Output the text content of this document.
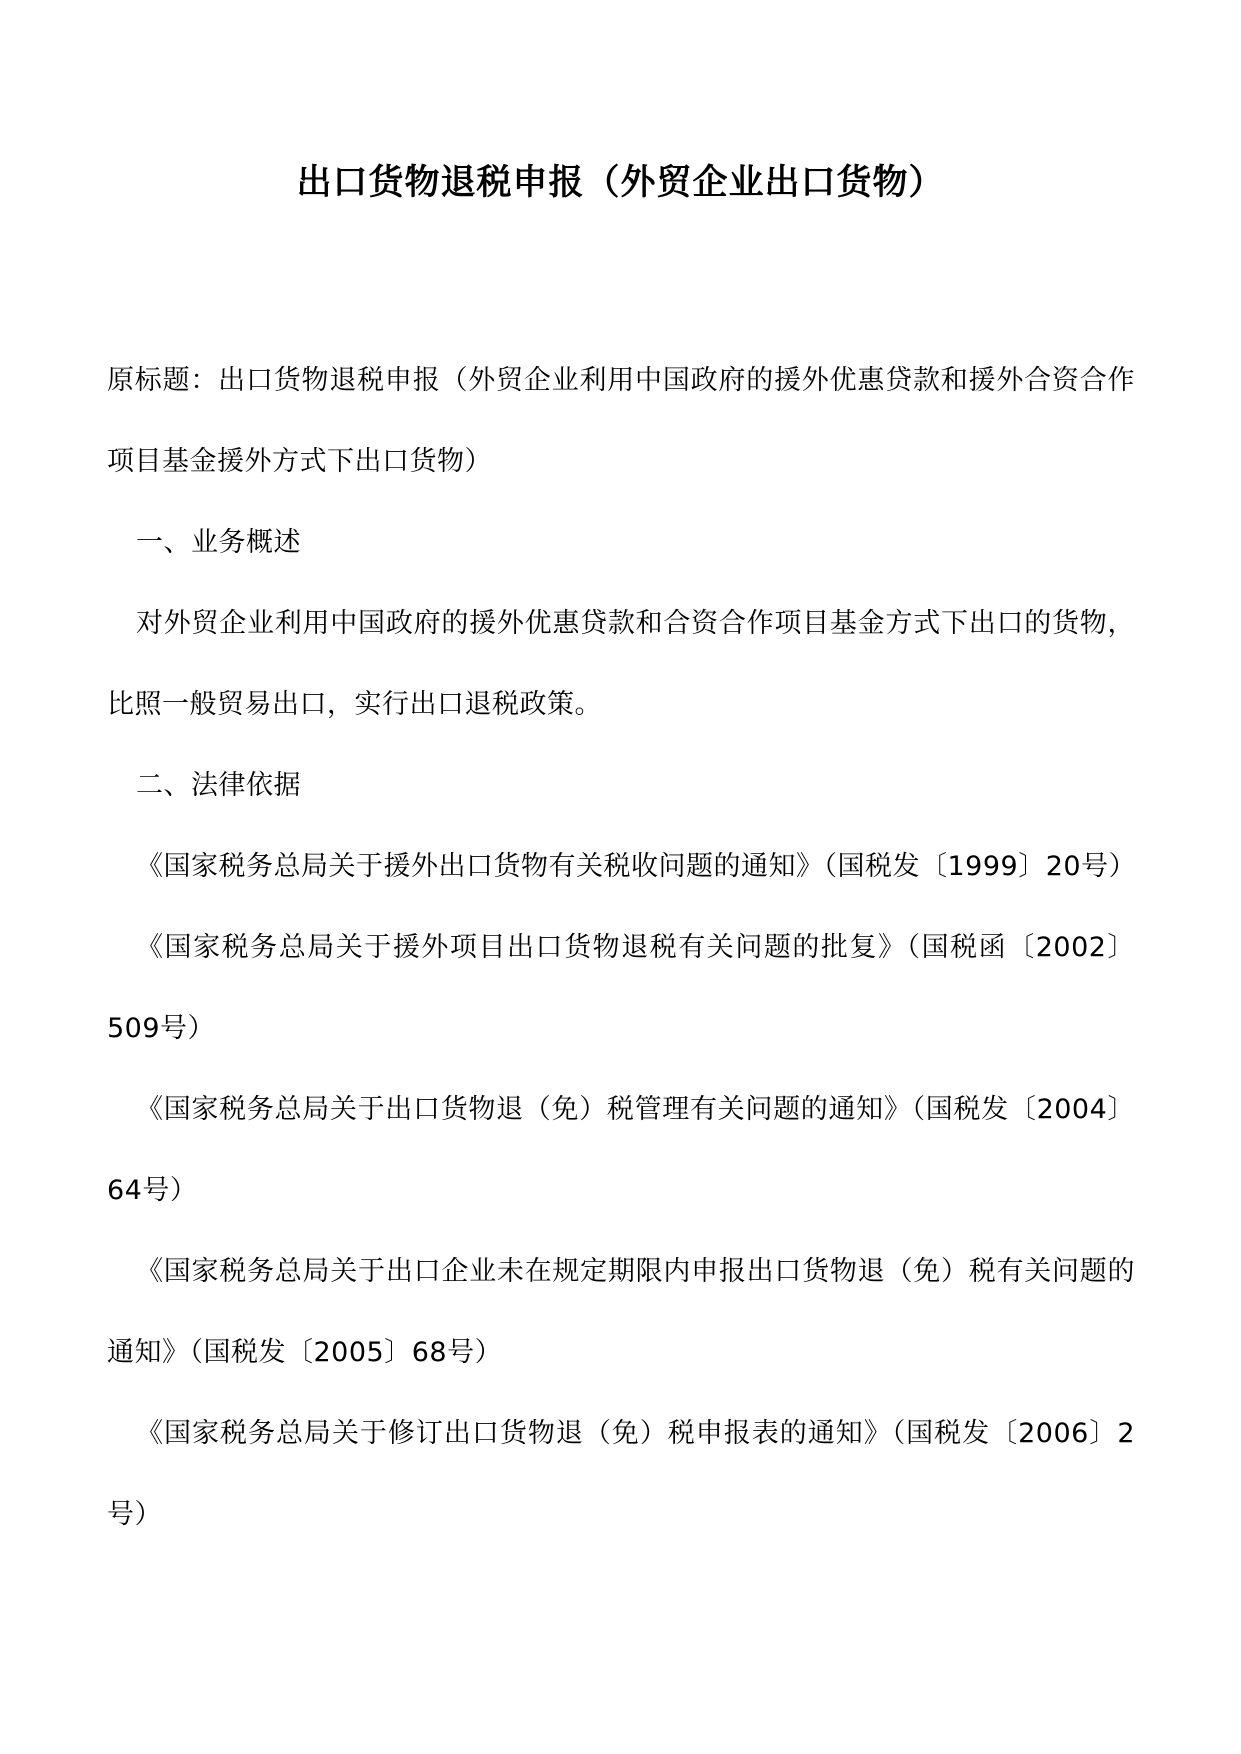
出口货物退税申报（外贸企业出口货物）

原标题：出口货物退税申报（外贸企业利用中国政府的援外优惠贷款和援外合资合作项目基金援外方式下出口货物）

一、业务概述

对外贸企业利用中国政府的援外优惠贷款和合资合作项目基金方式下出口的货物，比照一般贸易出口，实行出口退税政策。

二、法律依据

《国家税务总局关于援外出口货物有关税收问题的通知》（国税发〔1999〕20号）

《国家税务总局关于援外项目出口货物退税有关问题的批复》（国税函〔2002〕509号）

《国家税务总局关于出口货物退（免）税管理有关问题的通知》（国税发〔2004〕64号）

《国家税务总局关于出口企业未在规定期限内申报出口货物退（免）税有关问题的通知》（国税发〔2005〕68号）

《国家税务总局关于修订出口货物退（免）税申报表的通知》（国税发〔2006〕2号）
